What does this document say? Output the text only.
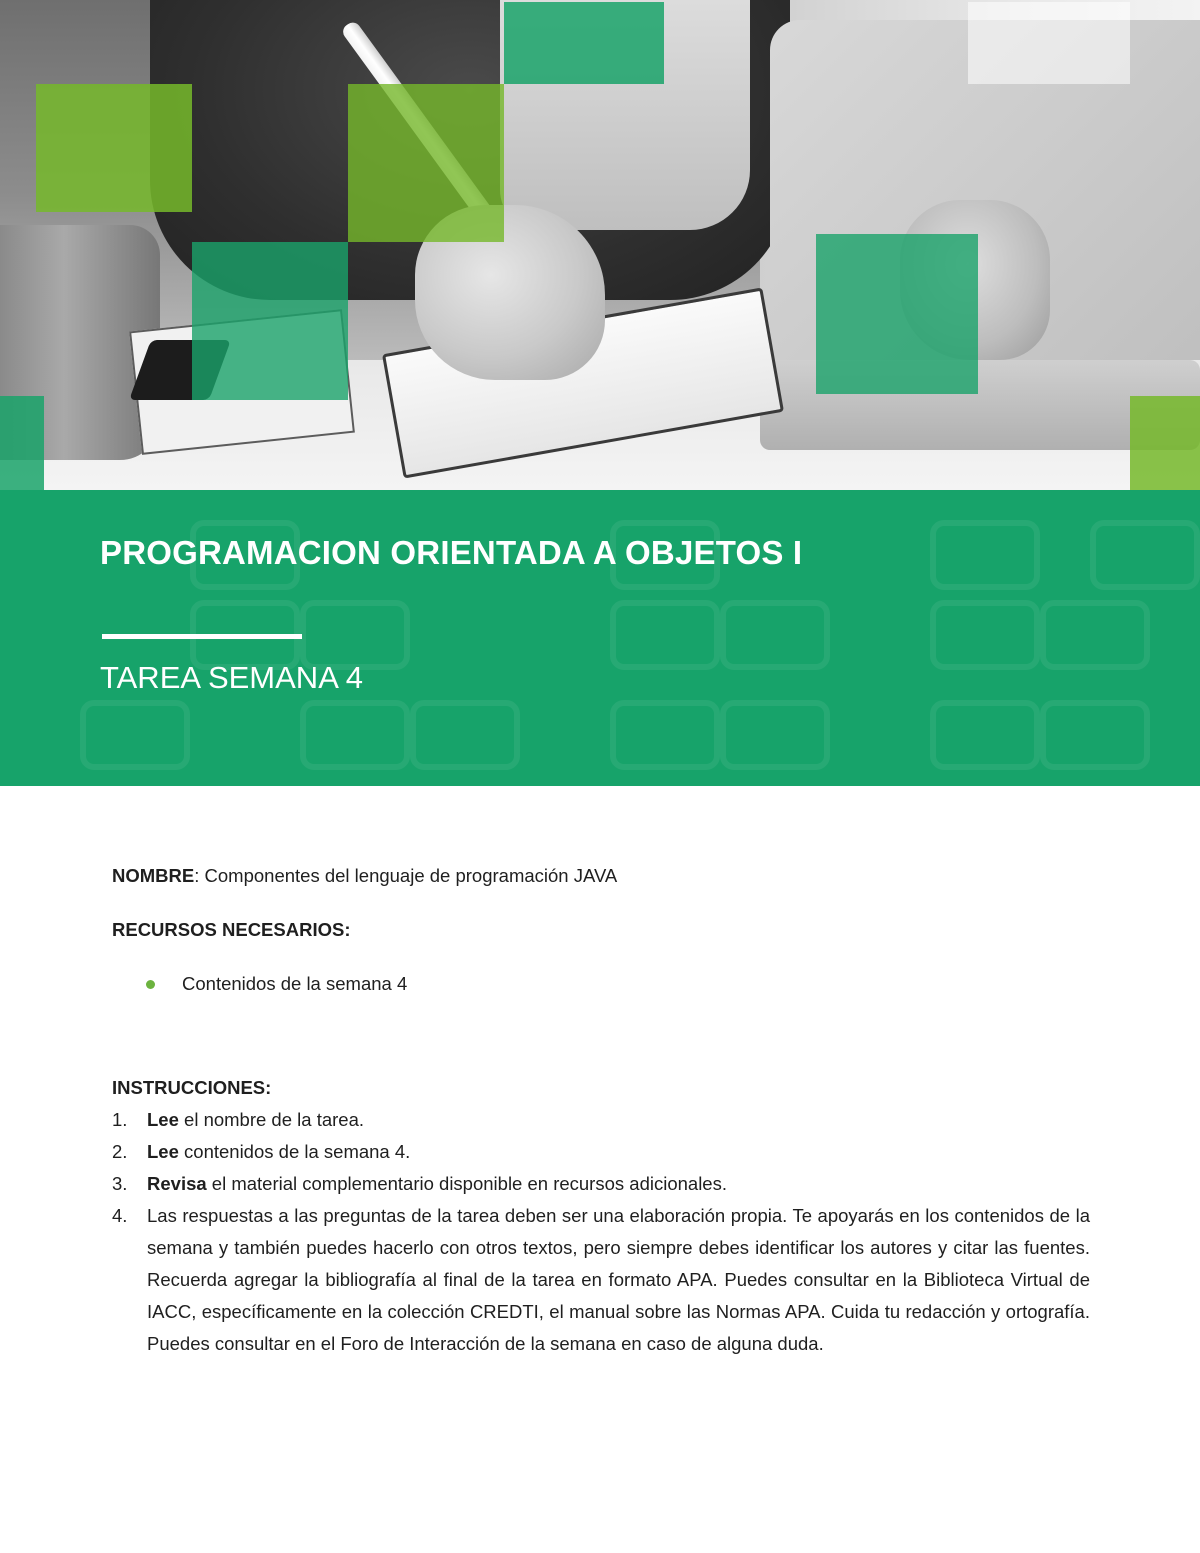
PROGRAMACION ORIENTADA A OBJETOS I
TAREA SEMANA 4

NOMBRE: Componentes del lenguaje de programación JAVA

RECURSOS NECESARIOS:

Contenidos de la semana 4

INSTRUCCIONES:

1. Lee el nombre de la tarea.
2. Lee contenidos de la semana 4.
3. Revisa el material complementario disponible en recursos adicionales.
4. Las respuestas a las preguntas de la tarea deben ser una elaboración propia. Te apoyarás en los contenidos de la semana y también puedes hacerlo con otros textos, pero siempre debes identificar los autores y citar las fuentes. Recuerda agregar la bibliografía al final de la tarea en formato APA. Puedes consultar en la Biblioteca Virtual de IACC, específicamente en la colección CREDTI, el manual sobre las Normas APA. Cuida tu redacción y ortografía. Puedes consultar en el Foro de Interacción de la semana en caso de alguna duda.
